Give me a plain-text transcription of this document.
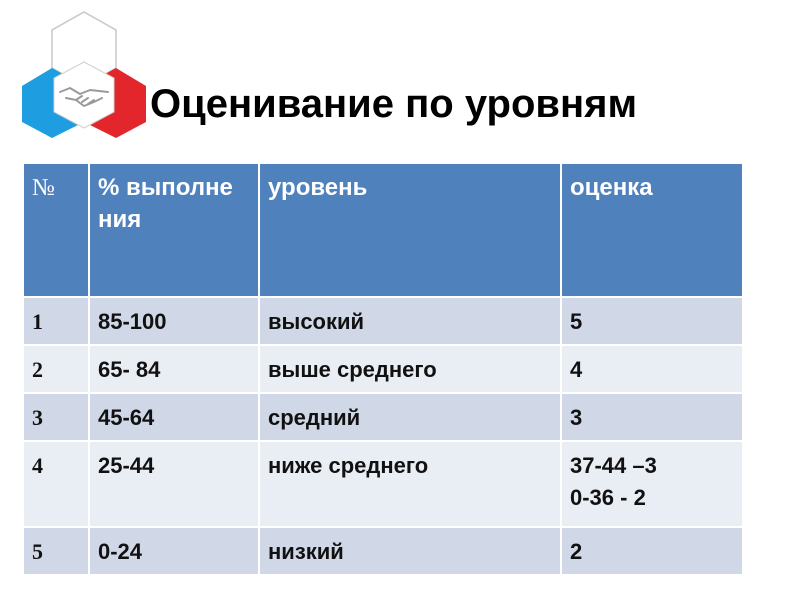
Оценивание по уровням
№	% выполне ния	уровень	оценка
1	85-100	высокий	5

2	65- 84	выше среднего	4

3	45-64	средний	3

4	25-44	ниже среднего	37-44 –3
0-36 - 2

5	0-24	низкий	2
